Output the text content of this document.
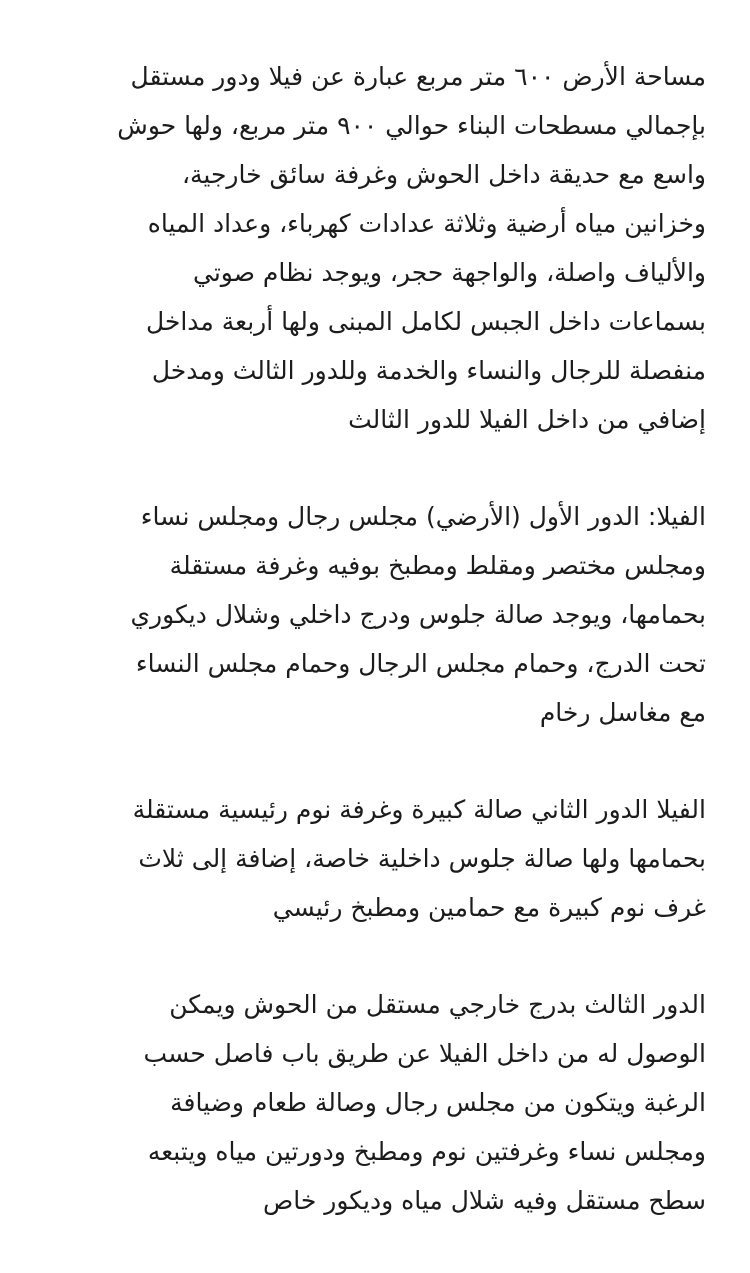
مساحة الأرض ٦٠٠ متر مربع عبارة عن فيلا ودور مستقل
بإجمالي مسطحات البناء حوالي ٩٠٠ متر مربع، ولها حوش
واسع مع حديقة داخل الحوش وغرفة سائق خارجية،
وخزانين مياه أرضية وثلاثة عدادات كهرباء، وعداد المياه
والألياف واصلة، والواجهة حجر، ويوجد نظام صوتي
بسماعات داخل الجبس لكامل المبنى ولها أربعة مداخل
منفصلة للرجال والنساء والخدمة وللدور الثالث ومدخل
إضافي من داخل الفيلا للدور الثالث
الفيلا: الدور الأول (الأرضي) مجلس رجال ومجلس نساء
ومجلس مختصر ومقلط ومطبخ بوفيه وغرفة مستقلة
بحمامها، ويوجد صالة جلوس ودرج داخلي وشلال ديكوري
تحت الدرج، وحمام مجلس الرجال وحمام مجلس النساء
مع مغاسل رخام
الفيلا الدور الثاني صالة كبيرة وغرفة نوم رئيسية مستقلة
بحمامها ولها صالة جلوس داخلية خاصة، إضافة إلى ثلاث
غرف نوم كبيرة مع حمامين ومطبخ رئيسي
الدور الثالث بدرج خارجي مستقل من الحوش ويمكن
الوصول له من داخل الفيلا عن طريق باب فاصل حسب
الرغبة ويتكون من مجلس رجال وصالة طعام وضيافة
ومجلس نساء وغرفتين نوم ومطبخ ودورتين مياه ويتبعه
سطح مستقل وفيه شلال مياه وديكور خاص
